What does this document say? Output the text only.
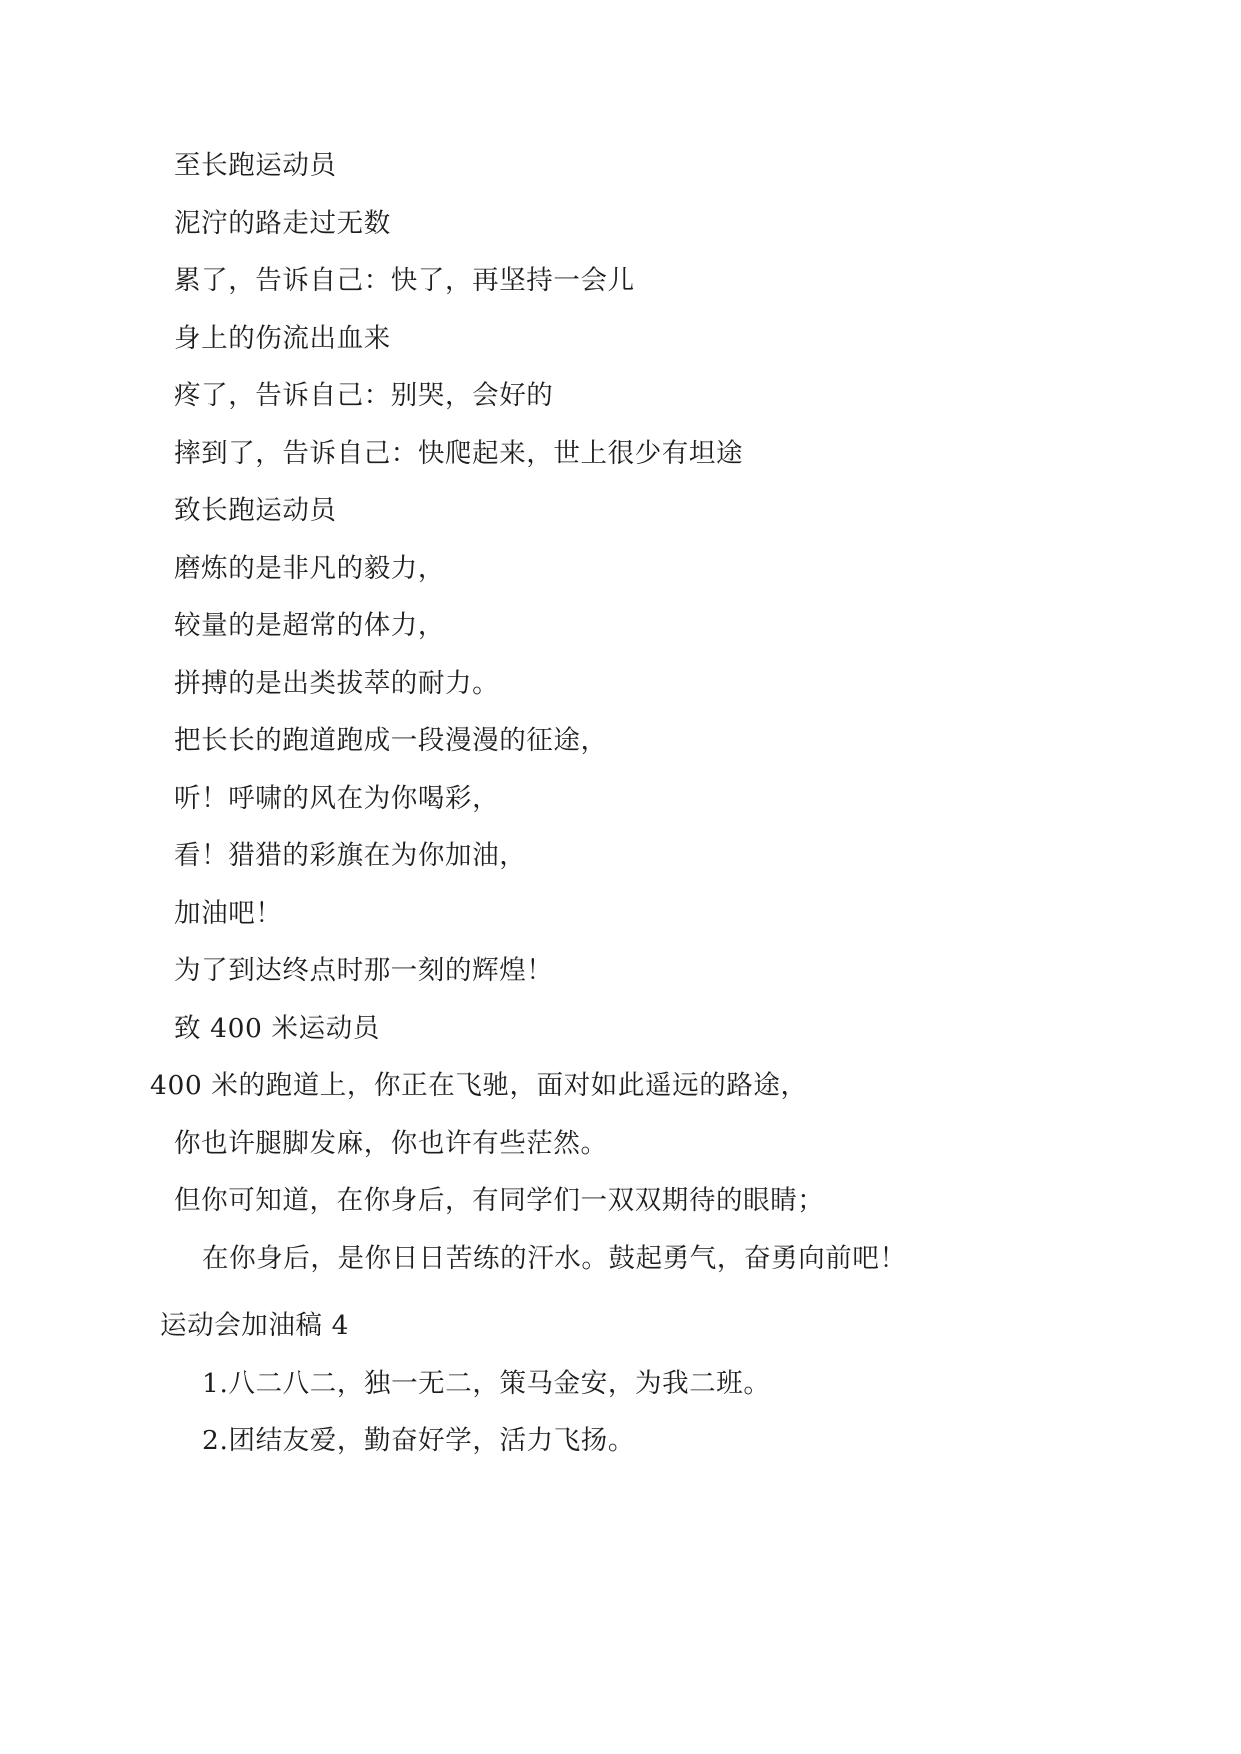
至长跑运动员

泥泞的路走过无数

累了，告诉自己：快了，再坚持一会儿

身上的伤流出血来

疼了，告诉自己：别哭，会好的

摔到了，告诉自己：快爬起来，世上很少有坦途

致长跑运动员

磨炼的是非凡的毅力，

较量的是超常的体力，

拼搏的是出类拔萃的耐力。

把长长的跑道跑成一段漫漫的征途，

听！呼啸的风在为你喝彩，

看！猎猎的彩旗在为你加油，

加油吧！

为了到达终点时那一刻的辉煌！

致 400 米运动员

400 米的跑道上，你正在飞驰，面对如此遥远的路途，

你也许腿脚发麻，你也许有些茫然。

但你可知道，在你身后，有同学们一双双期待的眼睛；

在你身后，是你日日苦练的汗水。鼓起勇气，奋勇向前吧！

运动会加油稿 4

1.八二八二，独一无二，策马金安，为我二班。

2.团结友爱，勤奋好学，活力飞扬。
